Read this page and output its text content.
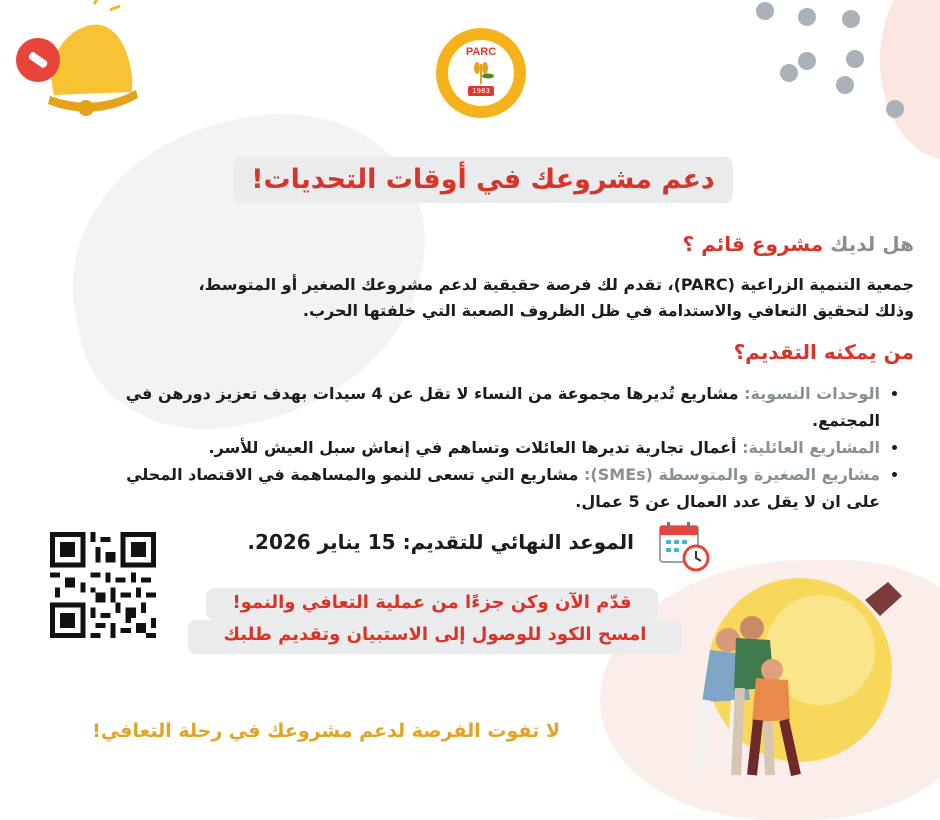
PARC
1983
دعم مشروعك في أوقات التحديات!
هل لديك مشروع قائم ؟
جمعية التنمية الزراعية (PARC)، تقدم لك فرصة حقيقية لدعم مشروعك الصغير أو المتوسط،
وذلك لتحقيق التعافي والاستدامة في ظل الظروف الصعبة التي خلفتها الحرب.
من يمكنه التقديم؟
• الوحدات النسوية: مشاريع تُديرها مجموعة من النساء لا تقل عن 4 سيدات بهدف تعزيز دورهن في المجتمع.
• المشاريع العائلية: أعمال تجارية تديرها العائلات وتساهم في إنعاش سبل العيش للأسر.
• مشاريع الصغيرة والمتوسطة (SMEs): مشاريع التي تسعى للنمو والمساهمة في الاقتصاد المحلي على ان لا يقل عدد العمال عن 5 عمال.
الموعد النهائي للتقديم: 15 يناير 2026.
قدّم الآن وكن جزءًا من عملية التعافي والنمو!
امسح الكود للوصول إلى الاستبيان وتقديم طلبك
لا تفوت الفرصة لدعم مشروعك في رحلة التعافي!
